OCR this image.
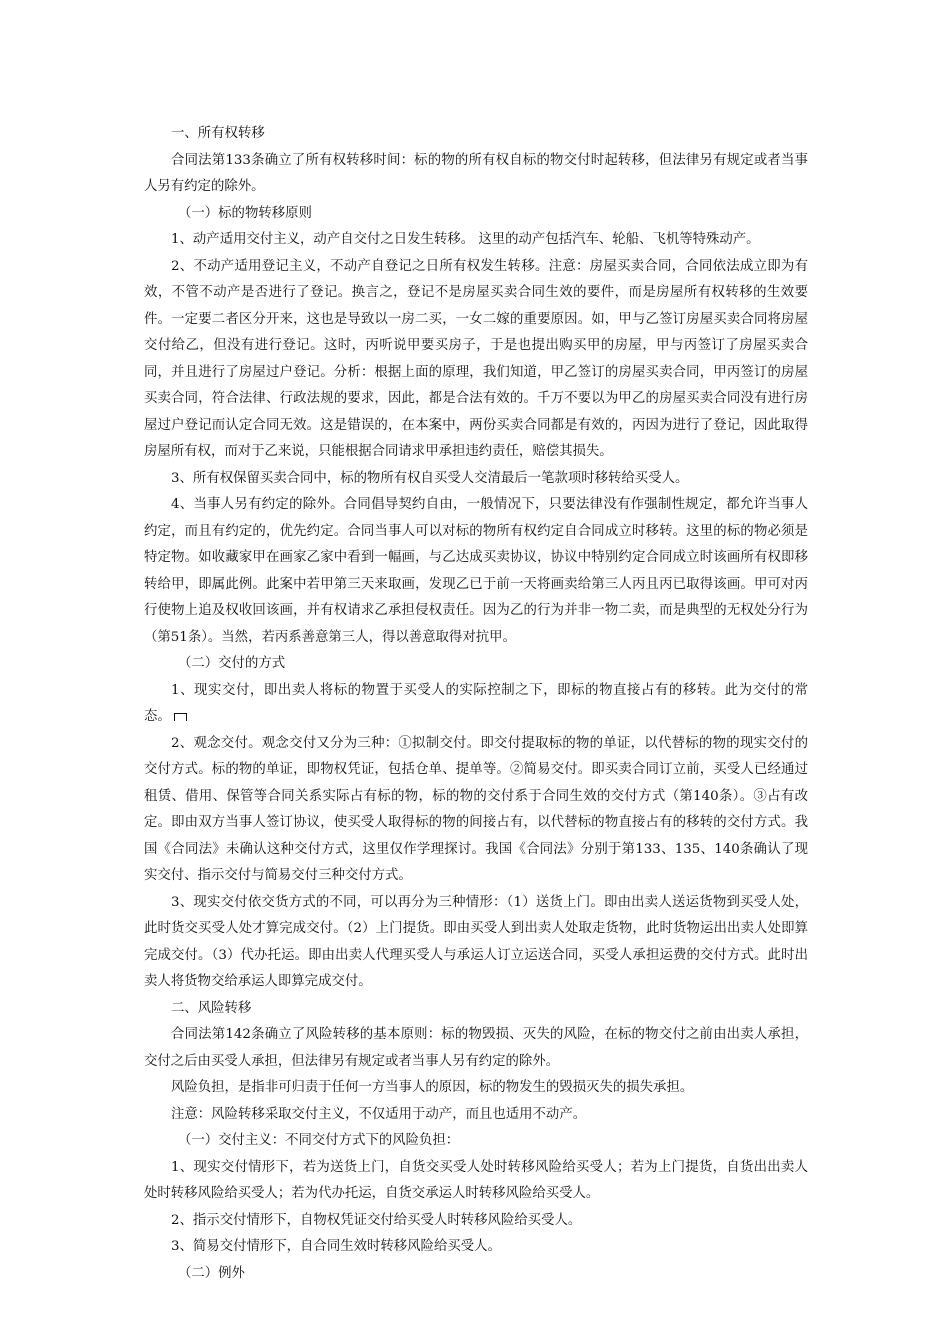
一、所有权转移

合同法第133条确立了所有权转移时间：标的物的所有权自标的物交付时起转移，但法律另有规定或者当事人另有约定的除外。

（一）标的物转移原则

1、动产适用交付主义，动产自交付之日发生转移。 这里的动产包括汽车、轮船、飞机等特殊动产。

2、不动产适用登记主义，不动产自登记之日所有权发生转移。注意：房屋买卖合同，合同依法成立即为有效，不管不动产是否进行了登记。换言之，登记不是房屋买卖合同生效的要件，而是房屋所有权转移的生效要件。一定要二者区分开来，这也是导致以一房二买，一女二嫁的重要原因。如，甲与乙签订房屋买卖合同将房屋交付给乙，但没有进行登记。这时，丙听说甲要买房子，于是也提出购买甲的房屋，甲与丙签订了房屋买卖合同，并且进行了房屋过户登记。分析：根据上面的原理，我们知道，甲乙签订的房屋买卖合同，甲丙签订的房屋买卖合同，符合法律、行政法规的要求，因此，都是合法有效的。千万不要以为甲乙的房屋买卖合同没有进行房屋过户登记而认定合同无效。这是错误的，在本案中，两份买卖合同都是有效的，丙因为进行了登记，因此取得房屋所有权，而对于乙来说，只能根据合同请求甲承担违约责任，赔偿其损失。

3、所有权保留买卖合同中，标的物所有权自买受人交清最后一笔款项时移转给买受人。

4、当事人另有约定的除外。合同倡导契约自由，一般情况下，只要法律没有作强制性规定，都允许当事人约定，而且有约定的，优先约定。合同当事人可以对标的物所有权约定自合同成立时移转。这里的标的物必须是特定物。如收藏家甲在画家乙家中看到一幅画，与乙达成买卖协议，协议中特别约定合同成立时该画所有权即移转给甲，即属此例。此案中若甲第三天来取画，发现乙已于前一天将画卖给第三人丙且丙已取得该画。甲可对丙行使物上追及权收回该画，并有权请求乙承担侵权责任。因为乙的行为并非一物二卖，而是典型的无权处分行为（第51条）。当然，若丙系善意第三人，得以善意取得对抗甲。

（二）交付的方式

1、现实交付，即出卖人将标的物置于买受人的实际控制之下，即标的物直接占有的移转。此为交付的常态。

2、观念交付。观念交付又分为三种：①拟制交付。即交付提取标的物的单证，以代替标的物的现实交付的交付方式。标的物的单证，即物权凭证，包括仓单、提单等。②简易交付。即买卖合同订立前，买受人已经通过租赁、借用、保管等合同关系实际占有标的物，标的物的交付系于合同生效的交付方式（第140条）。③占有改定。即由双方当事人签订协议，使买受人取得标的物的间接占有，以代替标的物直接占有的移转的交付方式。我国《合同法》未确认这种交付方式，这里仅作学理探讨。我国《合同法》分别于第133、135、140条确认了现实交付、指示交付与简易交付三种交付方式。

3、现实交付依交货方式的不同，可以再分为三种情形：（1）送货上门。即由出卖人送运货物到买受人处，此时货交买受人处才算完成交付。（2）上门提货。即由买受人到出卖人处取走货物，此时货物运出出卖人处即算完成交付。（3）代办托运。即由出卖人代理买受人与承运人订立运送合同，买受人承担运费的交付方式。此时出卖人将货物交给承运人即算完成交付。

二、风险转移

合同法第142条确立了风险转移的基本原则：标的物毁损、灭失的风险，在标的物交付之前由出卖人承担，交付之后由买受人承担，但法律另有规定或者当事人另有约定的除外。

风险负担，是指非可归责于任何一方当事人的原因，标的物发生的毁损灭失的损失承担。

注意：风险转移采取交付主义，不仅适用于动产，而且也适用不动产。

（一）交付主义：不同交付方式下的风险负担：

1、现实交付情形下，若为送货上门，自货交买受人处时转移风险给买受人；若为上门提货，自货出出卖人处时转移风险给买受人；若为代办托运，自货交承运人时转移风险给买受人。

2、指示交付情形下，自物权凭证交付给买受人时转移风险给买受人。

3、简易交付情形下，自合同生效时转移风险给买受人。

（二）例外
